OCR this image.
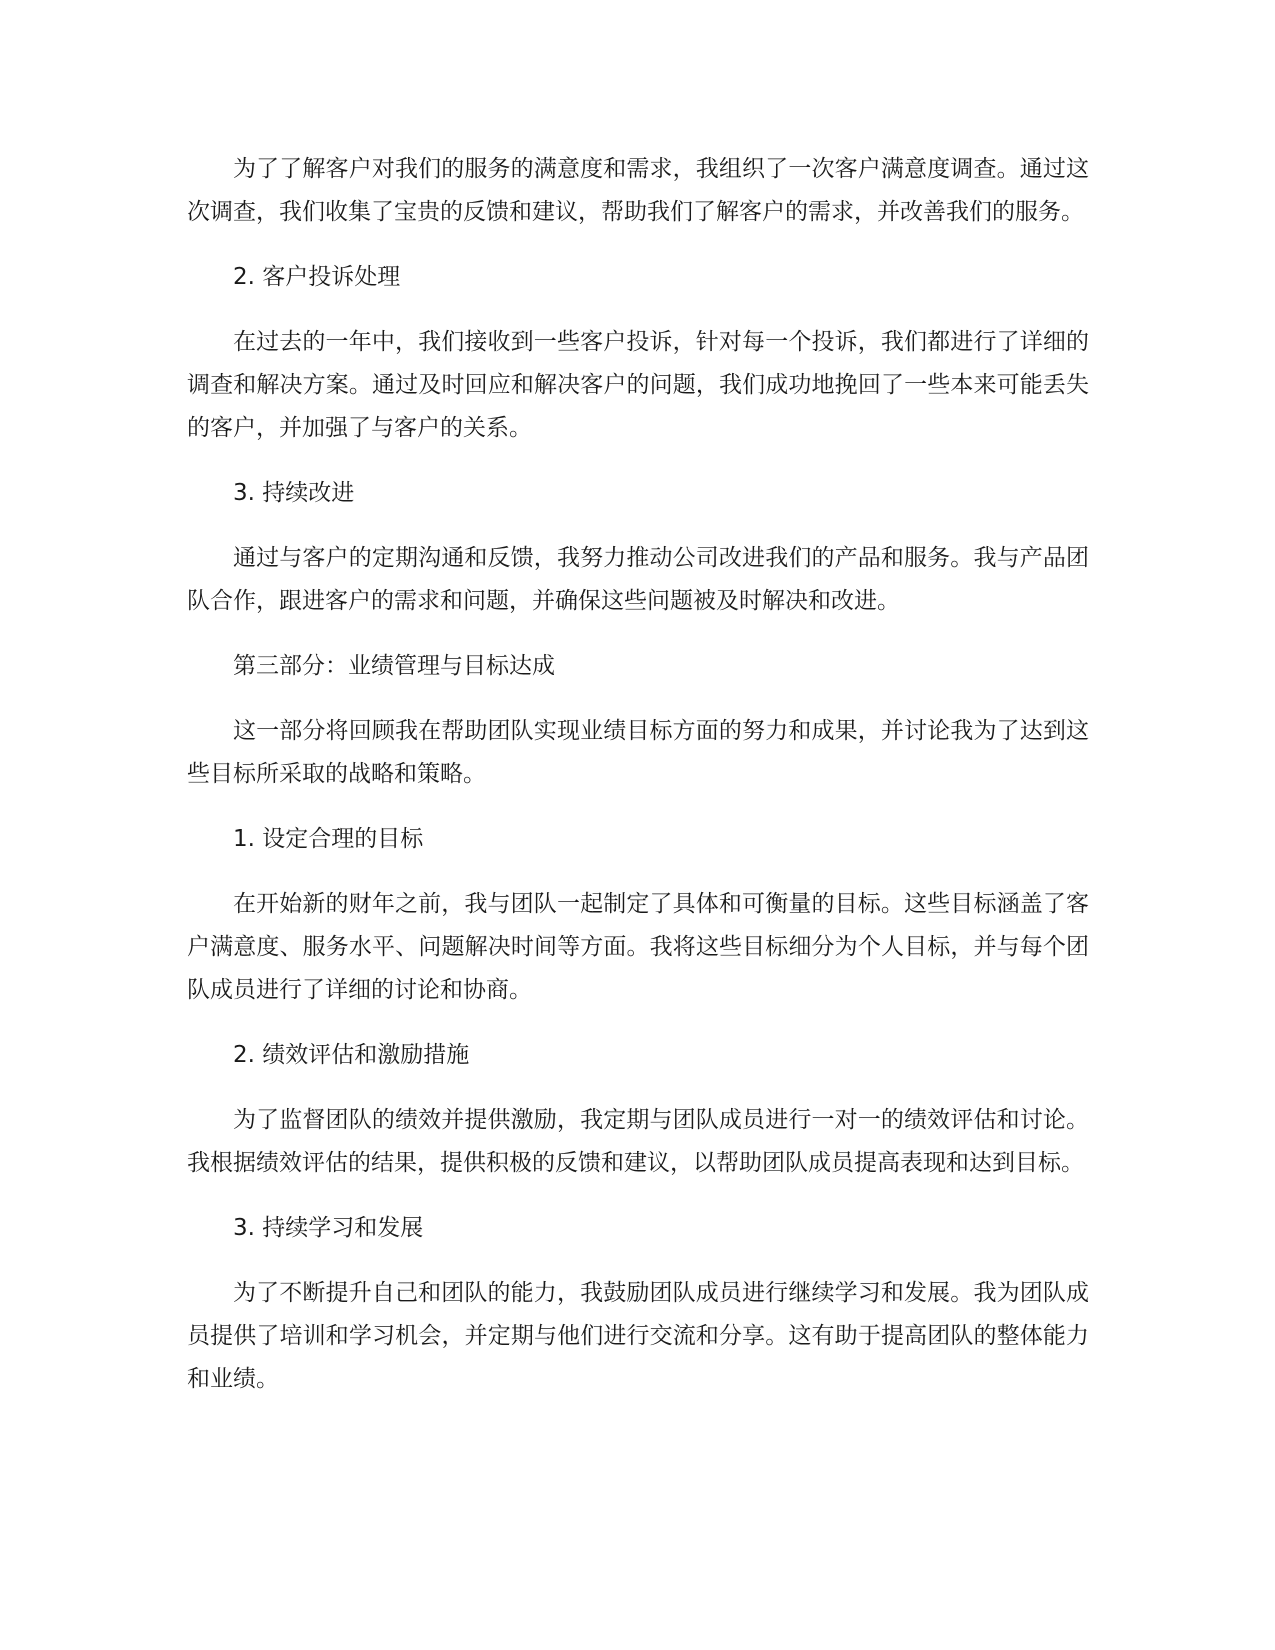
为了了解客户对我们的服务的满意度和需求，我组织了一次客户满意度调查。通过这次调查，我们收集了宝贵的反馈和建议，帮助我们了解客户的需求，并改善我们的服务。

2. 客户投诉处理

在过去的一年中，我们接收到一些客户投诉，针对每一个投诉，我们都进行了详细的调查和解决方案。通过及时回应和解决客户的问题，我们成功地挽回了一些本来可能丢失的客户，并加强了与客户的关系。

3. 持续改进

通过与客户的定期沟通和反馈，我努力推动公司改进我们的产品和服务。我与产品团队合作，跟进客户的需求和问题，并确保这些问题被及时解决和改进。

第三部分：业绩管理与目标达成

这一部分将回顾我在帮助团队实现业绩目标方面的努力和成果，并讨论我为了达到这些目标所采取的战略和策略。

1. 设定合理的目标

在开始新的财年之前，我与团队一起制定了具体和可衡量的目标。这些目标涵盖了客户满意度、服务水平、问题解决时间等方面。我将这些目标细分为个人目标，并与每个团队成员进行了详细的讨论和协商。

2. 绩效评估和激励措施

为了监督团队的绩效并提供激励，我定期与团队成员进行一对一的绩效评估和讨论。我根据绩效评估的结果，提供积极的反馈和建议，以帮助团队成员提高表现和达到目标。

3. 持续学习和发展

为了不断提升自己和团队的能力，我鼓励团队成员进行继续学习和发展。我为团队成员提供了培训和学习机会，并定期与他们进行交流和分享。这有助于提高团队的整体能力和业绩。
